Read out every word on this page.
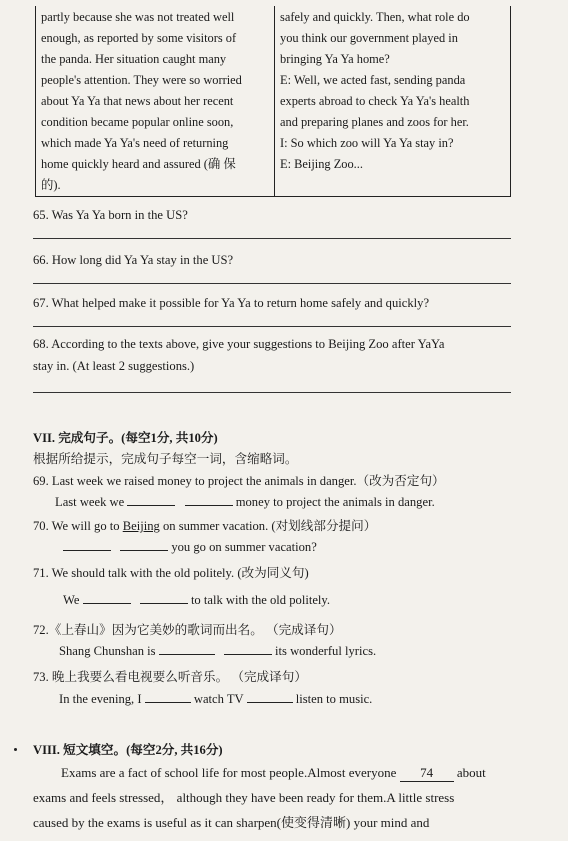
partly because she was not treated well
enough, as reported by some visitors of
the panda. Her situation caught many
people's attention. They were so worried
about Ya Ya that news about her recent
condition became popular online soon,
which made Ya Ya's need of returning
home quickly heard and assured (确 保
的).

safely and quickly. Then, what role do
you think our government played in
bringing Ya Ya home?
E: Well, we acted fast, sending panda
experts abroad to check Ya Ya's health
and preparing planes and zoos for her.
I: So which zoo will Ya Ya stay in?
E: Beijing Zoo...
65. Was Ya Ya born in the US?
66. How long did Ya Ya stay in the US?
67. What helped make it possible for Ya Ya to return home safely and quickly?
68. According to the texts above, give your suggestions to Beijing Zoo after YaYa
stay in. (At least 2 suggestions.)
VII. 完成句子。(每空1分, 共10分)
根据所给提示，完成句子每空一词，含缩略词。
69. Last week we raised money to project the animals in danger.（改为否定句）
Last week we	money to project the animals in danger.
70. We will go to Beijing on summer vacation. (对划线部分提问）
you go on summer vacation?
71. We should talk with the old politely. (改为同义句)
We	to talk with the old politely.
72.《上春山》因为它美妙的歌词而出名。 （完成译句）
Shang Chunshan is	its wonderful lyrics.
73. 晚上我要么看电视要么听音乐。 （完成译句）
In the evening, I	watch TV	listen to music.
VIII. 短文填空。(每空2分, 共16分)
Exams are a fact of school life for most people.Almost everyone 74 about
exams and feels stressed， although they have been ready for them.A little stress
caused by the exams is useful as it can sharpen(使变得清晰) your mind and
